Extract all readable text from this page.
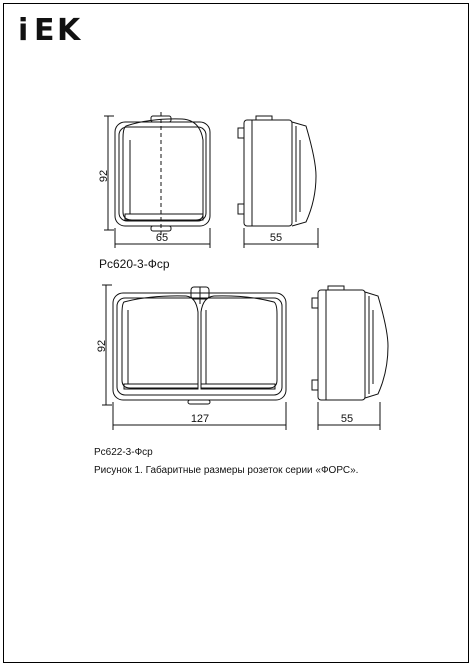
i E K
92
65	55
92
127	55
Рс620-3-Фср
Рс622-3-Фср
Рисунок 1. Габаритные размеры розеток серии «ФОРС».
